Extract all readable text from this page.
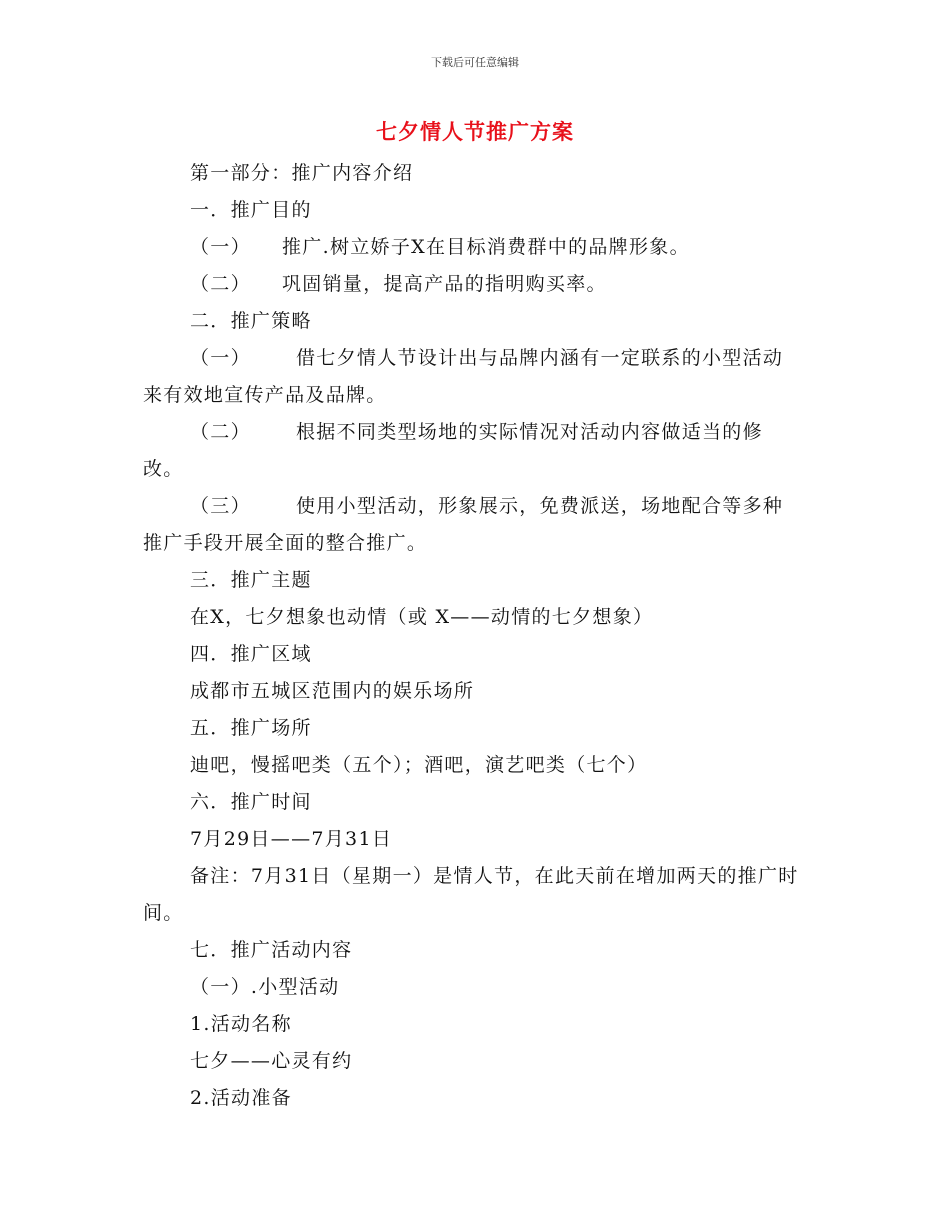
下载后可任意编辑
七夕情人节推广方案

第一部分：推广内容介绍

一．推广目的

（一） 推广.树立娇子X在目标消费群中的品牌形象。

（二） 巩固销量，提高产品的指明购买率。

二．推广策略

（一） 借七夕情人节设计出与品牌内涵有一定联系的小型活动来有效地宣传产品及品牌。

（二） 根据不同类型场地的实际情况对活动内容做适当的修改。

（三） 使用小型活动，形象展示，免费派送，场地配合等多种推广手段开展全面的整合推广。

三．推广主题

在X，七夕想象也动情（或 X——动情的七夕想象）

四．推广区域

成都市五城区范围内的娱乐场所

五．推广场所

迪吧，慢摇吧类（五个）；酒吧，演艺吧类（七个）

六．推广时间

7月29日——7月31日

备注：7月31日（星期一）是情人节，在此天前在增加两天的推广时间。

七．推广活动内容

（一）.小型活动

1.活动名称

七夕——心灵有约

2.活动准备
